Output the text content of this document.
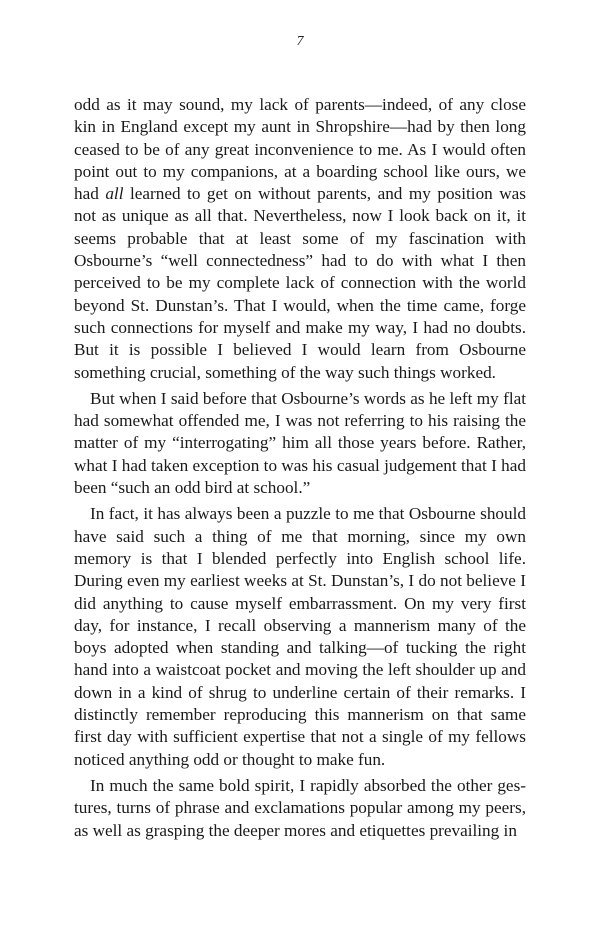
7

odd as it may sound, my lack of parents—indeed, of any close kin in England except my aunt in Shropshire—had by then long ceased to be of any great inconvenience to me. As I would often point out to my companions, at a boarding school like ours, we had all learned to get on without parents, and my position was not as unique as all that. Nevertheless, now I look back on it, it seems probable that at least some of my fascination with Osbourne’s “well connectedness” had to do with what I then perceived to be my complete lack of connection with the world beyond St. Dunstan’s. That I would, when the time came, forge such connections for myself and make my way, I had no doubts. But it is possible I believed I would learn from Osbourne something crucial, something of the way such things worked.

But when I said before that Osbourne’s words as he left my flat had somewhat offended me, I was not referring to his raising the matter of my “interrogating” him all those years before. Rather, what I had taken exception to was his casual judgement that I had been “such an odd bird at school.”

In fact, it has always been a puzzle to me that Osbourne should have said such a thing of me that morning, since my own memory is that I blended perfectly into English school life. During even my earliest weeks at St. Dunstan’s, I do not believe I did anything to cause myself embarrassment. On my very first day, for instance, I recall observing a mannerism many of the boys adopted when standing and talking—of tucking the right hand into a waistcoat pocket and moving the left shoulder up and down in a kind of shrug to underline certain of their remarks. I distinctly remember reproducing this mannerism on that same first day with sufficient expertise that not a single of my fellows noticed anything odd or thought to make fun.

In much the same bold spirit, I rapidly absorbed the other gestures, turns of phrase and exclamations popular among my peers, as well as grasping the deeper mores and etiquettes prevailing in
